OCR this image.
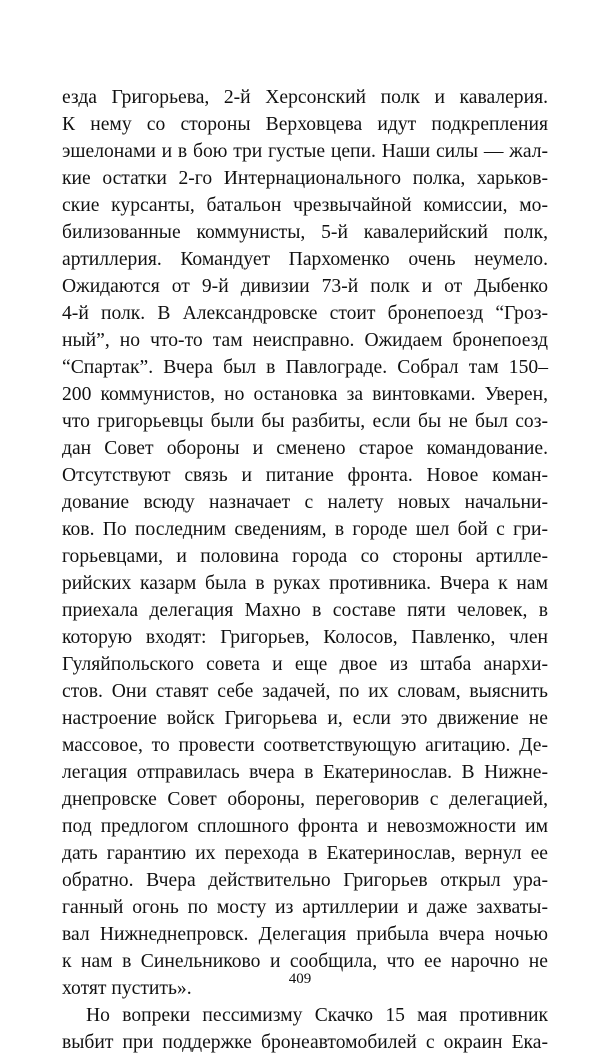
езда Григорьева, 2-й Херсонский полк и кавалерия.
К нему со стороны Верховцева идут подкрепления
эшелонами и в бою три густые цепи. Наши силы — жал-
кие остатки 2-го Интернационального полка, харьков-
ские курсанты, батальон чрезвычайной комиссии, мо-
билизованные коммунисты, 5-й кавалерийский полк,
артиллерия. Командует Пархоменко очень неумело.
Ожидаются от 9-й дивизии 73-й полк и от Дыбенко
4-й полк. В Александровске стоит бронепоезд “Гроз-
ный”, но что-то там неисправно. Ожидаем бронепоезд
“Спартак”. Вчера был в Павлограде. Собрал там 150–
200 коммунистов, но остановка за винтовками. Уверен,
что григорьевцы были бы разбиты, если бы не был соз-
дан Совет обороны и сменено старое командование.
Отсутствуют связь и питание фронта. Новое коман-
дование всюду назначает с налету новых начальни-
ков. По последним сведениям, в городе шел бой с гри-
горьевцами, и половина города со стороны артилле-
рийских казарм была в руках противника. Вчера к нам
приехала делегация Махно в составе пяти человек, в
которую входят: Григорьев, Колосов, Павленко, член
Гуляйпольского совета и еще двое из штаба анархи-
стов. Они ставят себе задачей, по их словам, выяснить
настроение войск Григорьева и, если это движение не
массовое, то провести соответствующую агитацию. Де-
легация отправилась вчера в Екатеринослав. В Нижне-
днепровске Совет обороны, переговорив с делегацией,
под предлогом сплошного фронта и невозможности им
дать гарантию их перехода в Екатеринослав, вернул ее
обратно. Вчера действительно Григорьев открыл ура-
ганный огонь по мосту из артиллерии и даже захваты-
вал Нижнеднепровск. Делегация прибыла вчера ночью
к нам в Синельниково и сообщила, что ее нарочно не
хотят пустить».
Но вопреки пессимизму Скачко 15 мая противник
выбит при поддержке бронеавтомобилей с окраин Ека-
409
